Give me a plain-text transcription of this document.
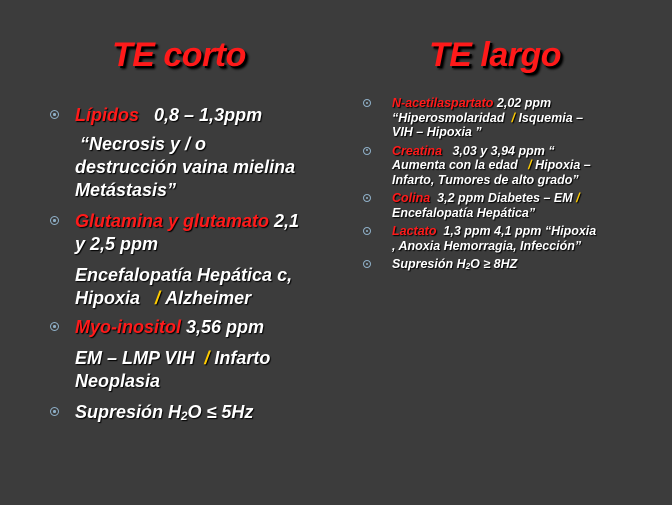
TE corto	TE largo
Lípidos 0,8 – 1,3ppm
“Necrosis y / o
destrucción vaina mielina
Metástasis”
Glutamina y glutamato 2,1
y 2,5 ppm
Encefalopatía Hepática c,
Hipoxia / Alzheimer
Myo-inositol 3,56 ppm
EM – LMP VIH / Infarto
Neoplasia
Supresión $H_2O \le 5Hz$
N-acetilaspartato 2,02 ppm
“Hiperosmolaridad / Isquemia –
VIH – Hipoxia ”
Creatina 3,03 y 3,94 ppm “
Aumenta con la edad / Hipoxia –
Infarto, Tumores de alto grado”
Colina 3,2 ppm Diabetes – EM /
Encefalopatía Hepática”
Lactato 1,3 ppm 4,1 ppm “Hipoxia
, Anoxia Hemorragia, Infección”
Supresión $H_2O \ge 8HZ$
